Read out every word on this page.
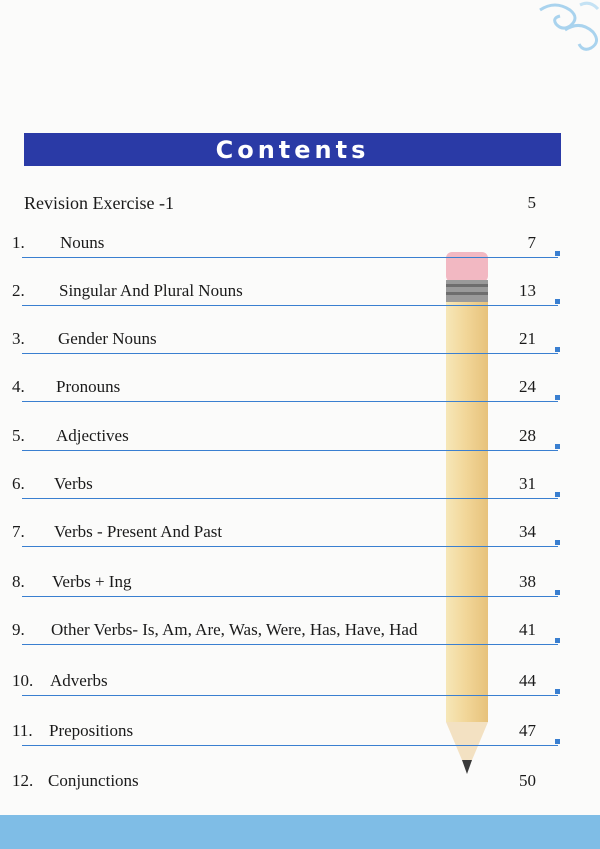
Contents
Revision Exercise -1	5
1. Nouns	7
2. Singular And Plural Nouns	13
3. Gender Nouns	21
4. Pronouns	24
5. Adjectives	28
6. Verbs	31
7. Verbs - Present And Past	34
8. Verbs + Ing	38
9. Other Verbs- Is, Am, Are, Was, Were, Has, Have, Had	41
10. Adverbs	44
11. Prepositions	47
12. Conjunctions	50
